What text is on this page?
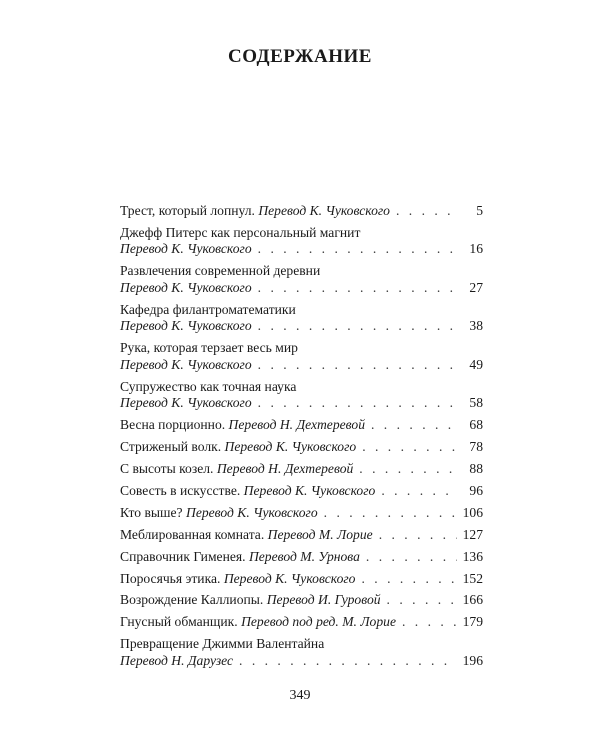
СОДЕРЖАНИЕ
Трест, который лопнул.
Перевод К. Чуковского . . .	5
Джефф Питерс как персональный магнит
Перевод К. Чуковского . . .	16
Развлечения современной деревни
Перевод К. Чуковского . . .	27
Кафедра филантроматематики
Перевод К. Чуковского . . .	38
Рука, которая терзает весь мир
Перевод К. Чуковского . . .	49
Супружество как точная наука
Перевод К. Чуковского . . .	58
Весна порционно.
Перевод Н. Дехтеревой . . .	68
Стриженый волк.
Перевод К. Чуковского . . .	78
С высоты козел.
Перевод Н. Дехтеревой . . .	88
Совесть в искусстве.
Перевод К. Чуковского . . .	96
Кто выше?
Перевод К. Чуковского . . .	106
Меблированная комната.
Перевод М. Лорие . . .	127
Справочник Гименея.
Перевод М. Урнова . . .	136
Поросячья этика.
Перевод К. Чуковского . . .	152
Возрождение Каллиопы.
Перевод И. Гуровой . . .	166
Гнусный обманщик.
Перевод под ред. М. Лорие . . .	179
Превращение Джимми Валентайна
Перевод Н. Дарузес . . .	196
349
